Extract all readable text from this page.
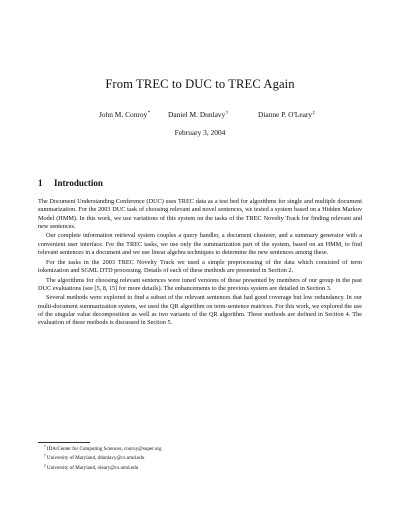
From TREC to DUC to TREC Again
John M. Conroy* Daniel M. Dunlavy†	Dianne P. O'Leary‡
February 3, 2004
1 Introduction

The Document Understanding Conference (DUC) uses TREC data as a test bed for algorithms for single and multiple document summarization. For the 2003 DUC task of choosing relevant and novel sentences, we tested a system based on a Hidden Markov Model (HMM). In this work, we use variations of this system on the tasks of the TREC Novelty Track for finding relevant and new sentences.

Our complete information retrieval system couples a query handler, a document clusterer, and a summary generator with a convenient user interface. For the TREC tasks, we use only the summarization part of the system, based on an HMM, to find relevant sentences in a document and we use linear algebra techniques to determine the new sentences among these.

For the tasks in the 2003 TREC Novelty Track we used a simple preprocessing of the data which consisted of term tokenization and SGML DTD processing. Details of each of these methods are presented in Section 2.

The algorithms for choosing relevant sentences were tuned versions of those presented by members of our group in the past DUC evaluations (see [5, 8, 15] for more details). The enhancements to the previous system are detailed in Section 3.

Several methods were explored to find a subset of the relevant sentences that had good coverage but low redundancy. In our multi-document summarization system, we used the QR algorithm on term-sentence matrices. For this work, we explored the use of the singular value decomposition as well as two variants of the QR algorithm. These methods are defined in Section 4. The evaluation of these methods is discussed in Section 5.

*IDA/Center for Computing Sciences, conroy@super.org
†University of Maryland, ddunlavy@cs.umd.edu
‡University of Maryland, oleary@cs.umd.edu
